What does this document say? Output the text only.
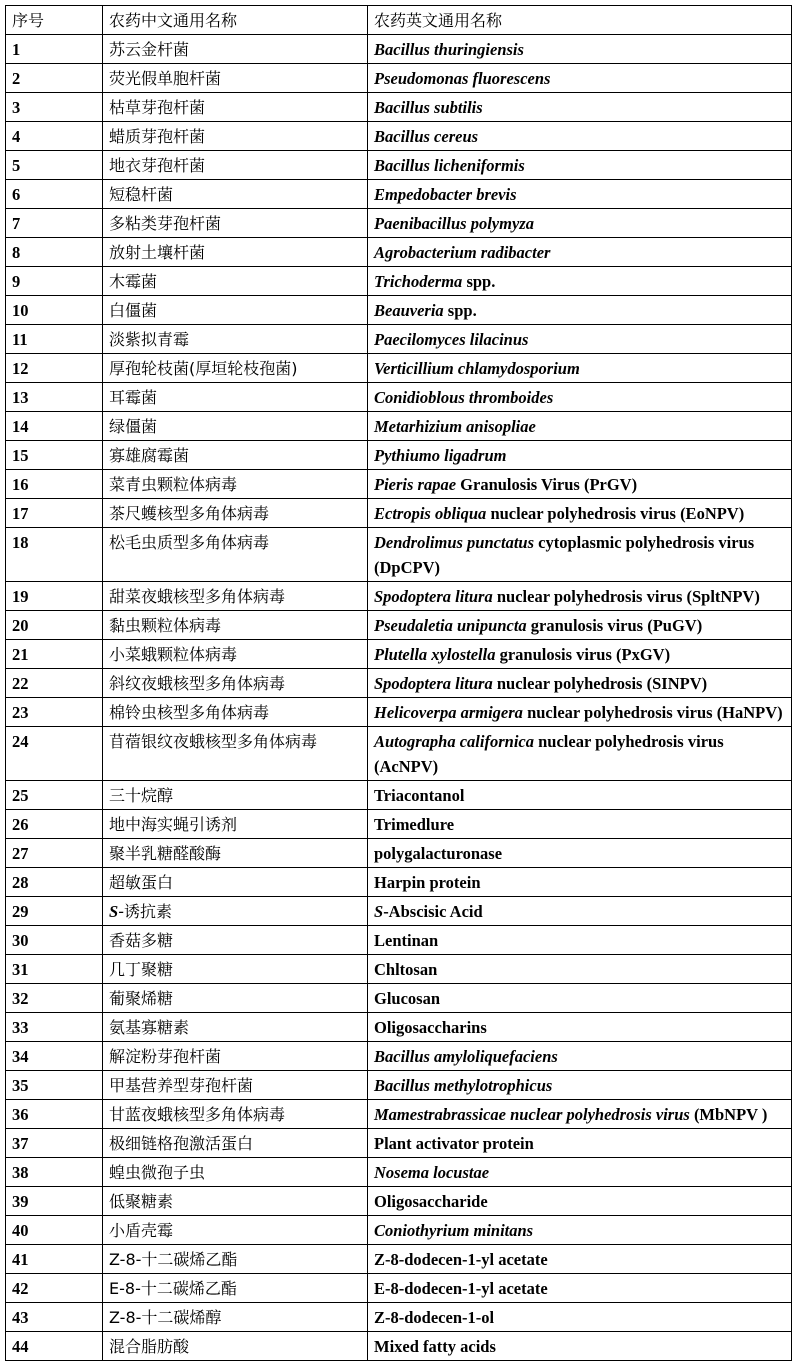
序号	农药中文通用名称	农药英文通用名称
1	苏云金杆菌	Bacillus thuringiensis
2	荧光假单胞杆菌	Pseudomonas fluorescens
3	枯草芽孢杆菌	Bacillus subtilis
4	蜡质芽孢杆菌	Bacillus cereus
5	地衣芽孢杆菌	Bacillus licheniformis
6	短稳杆菌	Empedobacter brevis
7	多粘类芽孢杆菌	Paenibacillus polymyza
8	放射土壤杆菌	Agrobacterium radibacter
9	木霉菌	Trichoderma spp.
10	白僵菌	Beauveria spp.
11	淡紫拟青霉	Paecilomyces lilacinus
12	厚孢轮枝菌(厚垣轮枝孢菌)	Verticillium chlamydosporium
13	耳霉菌	Conidioblous thromboides
14	绿僵菌	Metarhizium anisopliae
15	寡雄腐霉菌	Pythiumo ligadrum
16	菜青虫颗粒体病毒	Pieris rapae Granulosis Virus (PrGV)
17	茶尺蠖核型多角体病毒	Ectropis obliqua nuclear polyhedrosis virus (EoNPV)
18	松毛虫质型多角体病毒	Dendrolimus punctatus cytoplasmic polyhedrosis virus (DpCPV)
19	甜菜夜蛾核型多角体病毒	Spodoptera litura nuclear polyhedrosis virus (SpltNPV)
20	黏虫颗粒体病毒	Pseudaletia unipuncta granulosis virus (PuGV)
21	小菜蛾颗粒体病毒	Plutella xylostella granulosis virus (PxGV)
22	斜纹夜蛾核型多角体病毒	Spodoptera litura nuclear polyhedrosis (SINPV)
23	棉铃虫核型多角体病毒	Helicoverpa armigera nuclear polyhedrosis virus (HaNPV)
24	苜蓿银纹夜蛾核型多角体病毒	Autographa californica nuclear polyhedrosis virus (AcNPV)
25	三十烷醇	Triacontanol
26	地中海实蝇引诱剂	Trimedlure
27	聚半乳糖醛酸酶	polygalacturonase
28	超敏蛋白	Harpin protein
29	S-诱抗素	S-Abscisic Acid
30	香菇多糖	Lentinan
31	几丁聚糖	Chltosan
32	葡聚烯糖	Glucosan
33	氨基寡糖素	Oligosaccharins
34	解淀粉芽孢杆菌	Bacillus amyloliquefaciens
35	甲基营养型芽孢杆菌	Bacillus methylotrophicus
36	甘蓝夜蛾核型多角体病毒	Mamestrabrassicae nuclear polyhedrosis virus (MbNPV )
37	极细链格孢激活蛋白	Plant activator protein
38	蝗虫微孢子虫	Nosema locustae
39	低聚糖素	Oligosaccharide
40	小盾壳霉	Coniothyrium minitans
41	Z-8-十二碳烯乙酯	Z-8-dodecen-1-yl acetate
42	E-8-十二碳烯乙酯	E-8-dodecen-1-yl acetate
43	Z-8-十二碳烯醇	Z-8-dodecen-1-ol
44	混合脂肪酸	Mixed fatty acids
